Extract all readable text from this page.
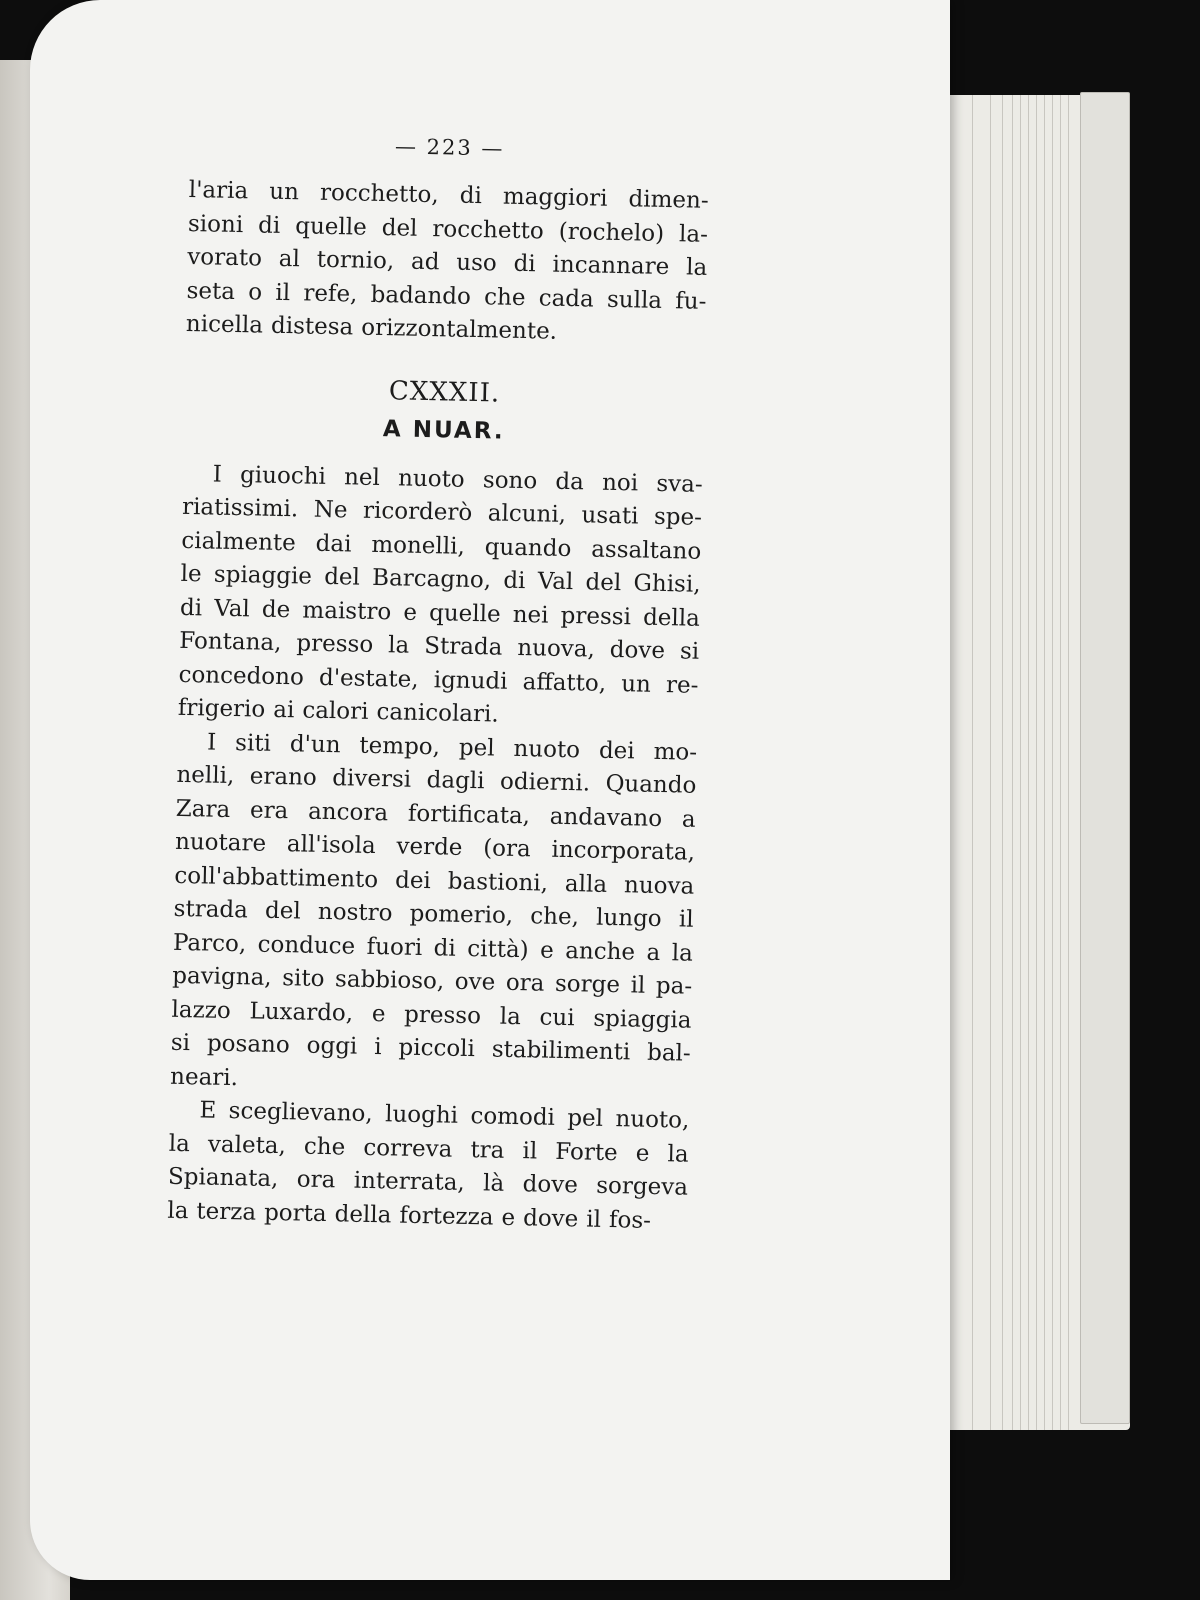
— 223 —
l'aria un rocchetto, di maggiori dimen-
sioni di quelle del rocchetto (rochelo) la-
vorato al tornio, ad uso di incannare la
seta o il refe, badando che cada sulla fu-
nicella distesa orizzontalmente.
CXXXII.
A NUAR.
I giuochi nel nuoto sono da noi sva-
riatissimi. Ne ricorderò alcuni, usati spe-
cialmente dai monelli, quando assaltano
le spiaggie del Barcagno, di Val del Ghisi,
di Val de maistro e quelle nei pressi della
Fontana, presso la Strada nuova, dove si
concedono d'estate, ignudi affatto, un re-
frigerio ai calori canicolari.
I siti d'un tempo, pel nuoto dei mo-
nelli, erano diversi dagli odierni. Quando
Zara era ancora fortificata, andavano a
nuotare all'isola verde (ora incorporata,
coll'abbattimento dei bastioni, alla nuova
strada del nostro pomerio, che, lungo il
Parco, conduce fuori di città) e anche a la
pavigna, sito sabbioso, ove ora sorge il pa-
lazzo Luxardo, e presso la cui spiaggia
si posano oggi i piccoli stabilimenti bal-
neari.
E sceglievano, luoghi comodi pel nuoto,
la valeta, che correva tra il Forte e la
Spianata, ora interrata, là dove sorgeva
la terza porta della fortezza e dove il fos-
